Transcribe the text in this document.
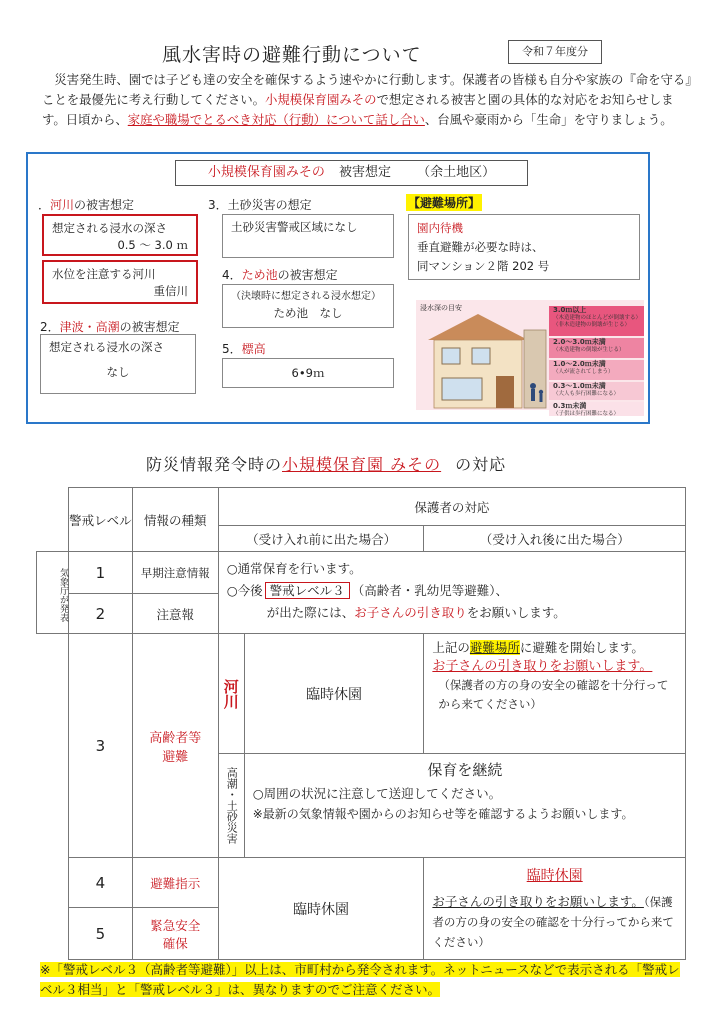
風水害時の避難行動について	令和７年度分
　災害発生時、園では子ども達の安全を確保するよう速やかに行動します。保護者の皆様も自分や家族の『命を守る』ことを最優先に考え行動してください。小規模保育園みそので想定される被害と園の具体的な対応をお知らせします。日頃から、家庭や職場でとるべき対応（行動）について話し合い、台風や豪雨から「生命」を守りましょう。
小規模保育園みその 被害想定 （余土地区）
．河川の被害想定
想定される浸水の深さ
0.5 ～ 3.0 ｍ
水位を注意する河川
重信川
2．津波・高潮の被害想定
想定される浸水の深さ
なし
3．土砂災害の想定
土砂災害警戒区域になし
4．ため池の被害想定
（決壊時に想定される浸水想定）
ため池　なし
5．標高
6•9ｍ
【避難場所】
園内待機
垂直避難が必要な時は、
同マンション２階 202 号
浸水深の目安	3.0ｍ以上
（木造建物のほとんどが倒壊する）（非木造建物の倒壊が生じる）
2.0～3.0ｍ未満
（木造建物の倒壊が生じる）
1.0～2.0ｍ未満
（人が流されてしまう）
0.3～1.0ｍ未満
（大人も歩行困難になる）
0.3ｍ未満
（子供は歩行困難になる）
防災情報発令時の小規模保育園 みその の対応
	警戒レベル	情報の種類	保護者の対応		
			（受け入れ前に出た場合）		（受け入れ後に出た場合）
気象庁が発表	1	早期注意情報	○通常保育を行います。
○今後 警戒レベル３ （高齢者・乳幼児等避難）、
が出た際には、お子さんの引き取りをお願いします。		

	2	注意報			
	3	高齢者等避難	河川	臨時休園	上記の避難場所に避難を開始します。
お子さんの引き取りをお願いします。
（保護者の方の身の安全の確認を十分行ってから来てください）

			高潮・土砂災害	保育を継続
○周囲の状況に注意して送迎してください。
※最新の気象情報や園からのお知らせ等を確認するようお願いします。	

	4	避難指示	臨時休園		臨時休園
お子さんの引き取りをお願いします。（保護者の方の身の安全の確認を十分行ってから来てください）

	5	緊急安全確保			
※「警戒レベル３（高齢者等避難）」以上は、市町村から発令されます。ネットニュースなどで表示される「警戒レベル３相当」と「警戒レベル３」は、異なりますのでご注意ください。
